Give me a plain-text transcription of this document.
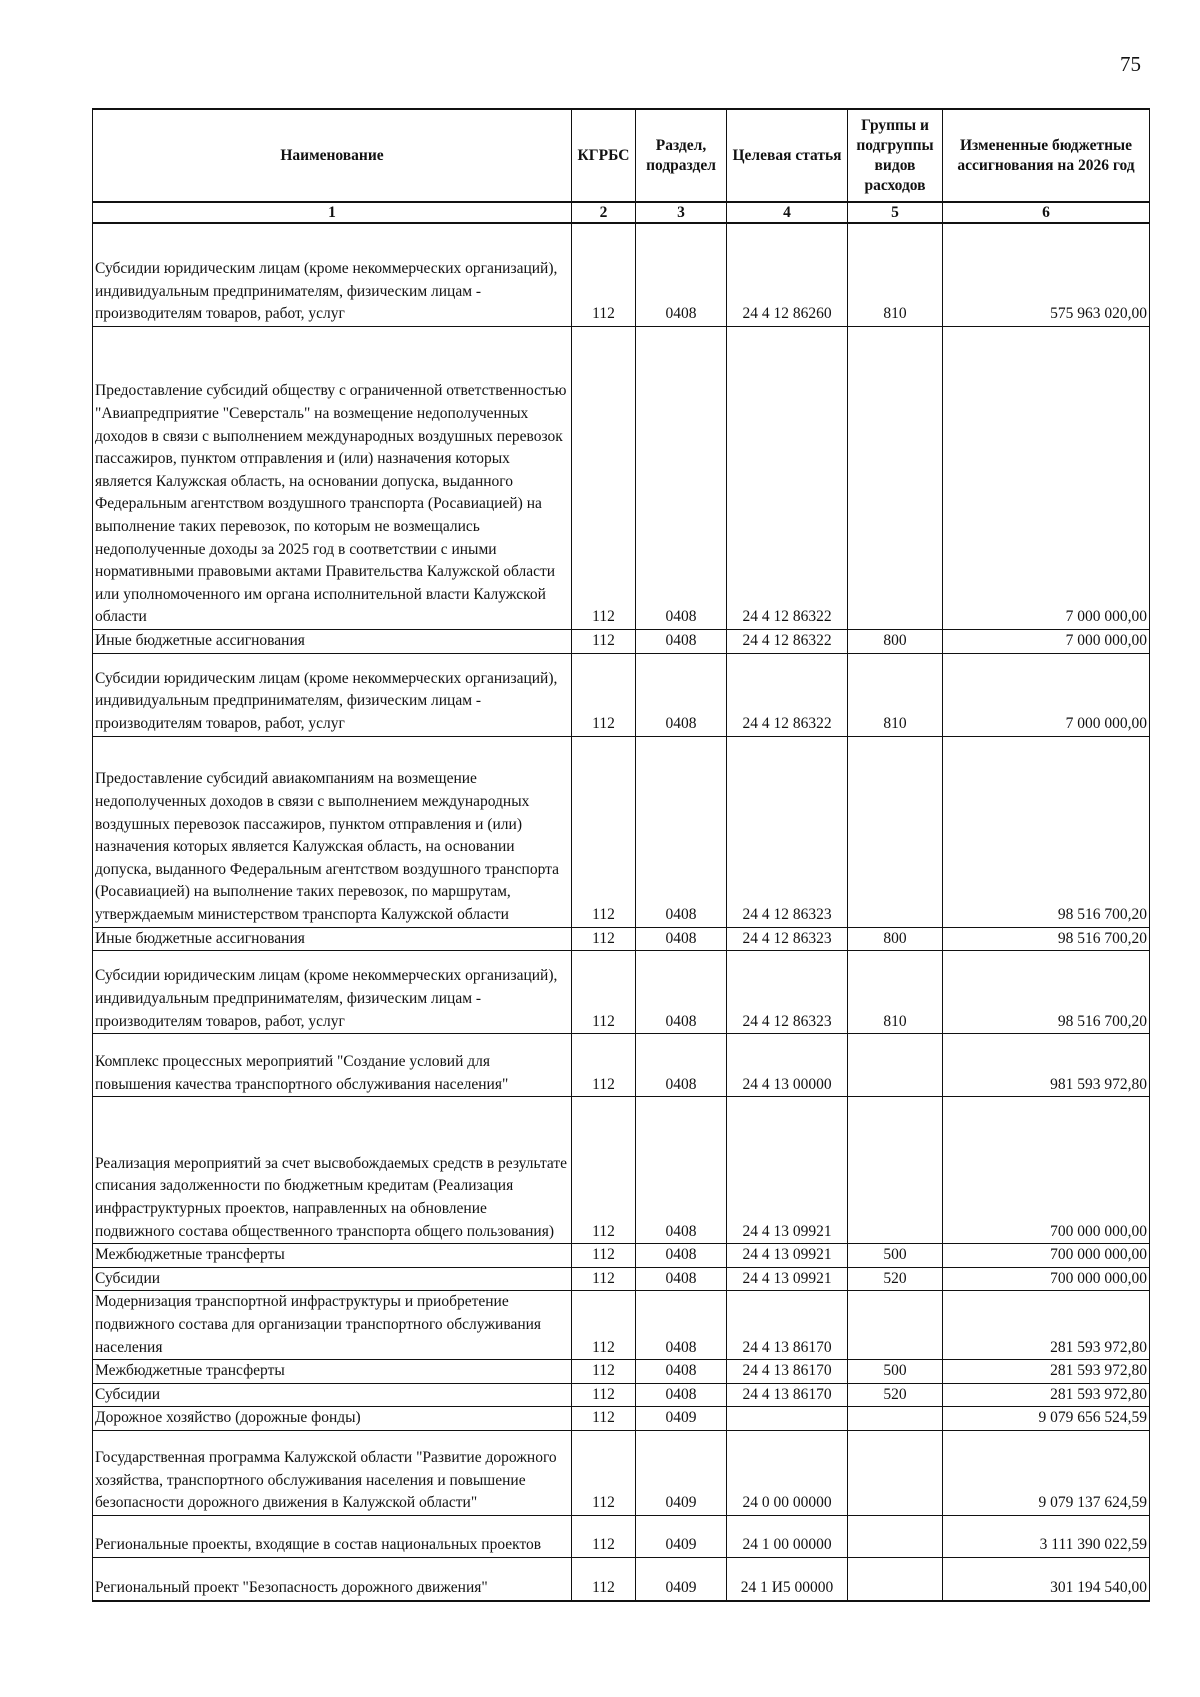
75
Наименование	КГРБС	Раздел, подраздел	Целевая статья	Группы и подгруппы видов расходов	Измененные бюджетные ассигнования на 2026 год
1	2	3	4	5	6
Субсидии юридическим лицам (кроме некоммерческих организаций), индивидуальным предпринимателям, физическим лицам - производителям товаров, работ, услуг	112	0408	24 4 12 86260	810	575 963 020,00
Предоставление субсидий обществу с ограниченной ответственностью "Авиапредприятие "Северсталь" на возмещение недополученных доходов в связи с выполнением международных воздушных перевозок пассажиров, пунктом отправления и (или) назначения которых является Калужская область, на основании допуска, выданного Федеральным агентством воздушного транспорта (Росавиацией) на выполнение таких перевозок, по которым не возмещались недополученные доходы за 2025 год в соответствии с иными нормативными правовыми актами Правительства Калужской области или уполномоченного им органа исполнительной власти Калужской области	112	0408	24 4 12 86322		7 000 000,00
Иные бюджетные ассигнования	112	0408	24 4 12 86322	800	7 000 000,00
Субсидии юридическим лицам (кроме некоммерческих организаций), индивидуальным предпринимателям, физическим лицам - производителям товаров, работ, услуг	112	0408	24 4 12 86322	810	7 000 000,00
Предоставление субсидий авиакомпаниям на возмещение недополученных доходов в связи с выполнением международных воздушных перевозок пассажиров, пунктом отправления и (или) назначения которых является Калужская область, на основании допуска, выданного Федеральным агентством воздушного транспорта (Росавиацией) на выполнение таких перевозок, по маршрутам, утверждаемым министерством транспорта Калужской области	112	0408	24 4 12 86323		98 516 700,20
Иные бюджетные ассигнования	112	0408	24 4 12 86323	800	98 516 700,20
Субсидии юридическим лицам (кроме некоммерческих организаций), индивидуальным предпринимателям, физическим лицам - производителям товаров, работ, услуг	112	0408	24 4 12 86323	810	98 516 700,20
Комплекс процессных мероприятий "Создание условий для повышения качества транспортного обслуживания населения"	112	0408	24 4 13 00000		981 593 972,80
Реализация мероприятий за счет высвобождаемых средств в результате списания задолженности по бюджетным кредитам (Реализация инфраструктурных проектов, направленных на обновление подвижного состава общественного транспорта общего пользования)	112	0408	24 4 13 09921		700 000 000,00
Межбюджетные трансферты	112	0408	24 4 13 09921	500	700 000 000,00
Субсидии	112	0408	24 4 13 09921	520	700 000 000,00
Модернизация транспортной инфраструктуры и приобретение подвижного состава для организации транспортного обслуживания населения	112	0408	24 4 13 86170		281 593 972,80
Межбюджетные трансферты	112	0408	24 4 13 86170	500	281 593 972,80
Субсидии	112	0408	24 4 13 86170	520	281 593 972,80
Дорожное хозяйство (дорожные фонды)	112	0409			9 079 656 524,59
Государственная программа Калужской области "Развитие дорожного хозяйства, транспортного обслуживания населения и повышение безопасности дорожного движения в Калужской области"	112	0409	24 0 00 00000		9 079 137 624,59
Региональные проекты, входящие в состав национальных проектов	112	0409	24 1 00 00000		3 111 390 022,59
Региональный проект "Безопасность дорожного движения"	112	0409	24 1 И5 00000		301 194 540,00
